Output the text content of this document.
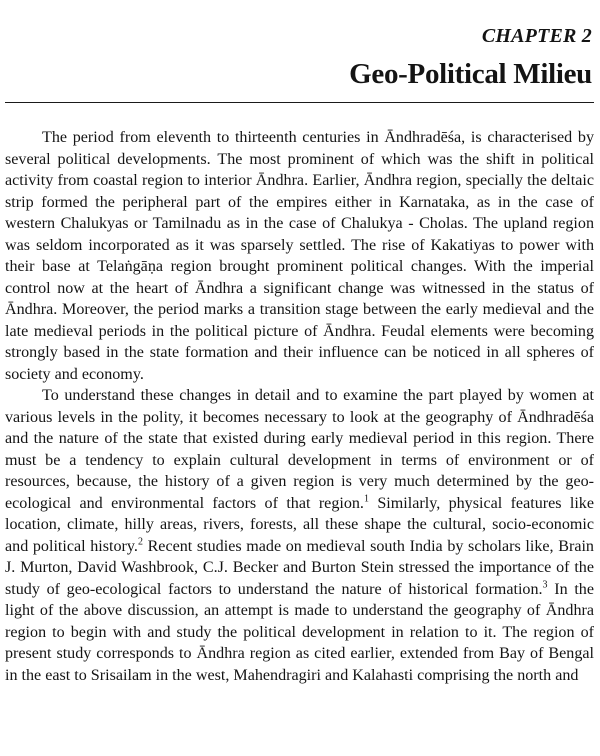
CHAPTER 2
Geo-Political Milieu

The period from eleventh to thirteenth centuries in Āndhradēśa, is characterised by several political developments. The most prominent of which was the shift in political activity from coastal region to interior Āndhra. Earlier, Āndhra region, specially the deltaic strip formed the peripheral part of the empires either in Karnataka, as in the case of western Chalukyas or Tamilnadu as in the case of Chalukya - Cholas. The upland region was seldom incorporated as it was sparsely settled. The rise of Kakatiyas to power with their base at Telaṅgāṇa region brought prominent political changes. With the imperial control now at the heart of Āndhra a significant change was witnessed in the status of Āndhra. Moreover, the period marks a transition stage between the early medieval and the late medieval periods in the political picture of Āndhra. Feudal elements were becoming strongly based in the state formation and their influence can be noticed in all spheres of society and economy.

To understand these changes in detail and to examine the part played by women at various levels in the polity, it becomes necessary to look at the geography of Āndhradēśa and the nature of the state that existed during early medieval period in this region. There must be a tendency to explain cultural development in terms of environment or of resources, because, the history of a given region is very much determined by the geo-ecological and environmental factors of that region.$^1$ Similarly, physical features like location, climate, hilly areas, rivers, forests, all these shape the cultural, socio-economic and political history.$^2$ Recent studies made on medieval south India by scholars like, Brain J. Murton, David Washbrook, C.J. Becker and Burton Stein stressed the importance of the study of geo-ecological factors to understand the nature of historical formation.$^3$ In the light of the above discussion, an attempt is made to understand the geography of Āndhra region to begin with and study the political development in relation to it. The region of present study corresponds to Āndhra region as cited earlier, extended from Bay of Bengal in the east to Srisailam in the west, Mahendragiri and Kalahasti comprising the north and
